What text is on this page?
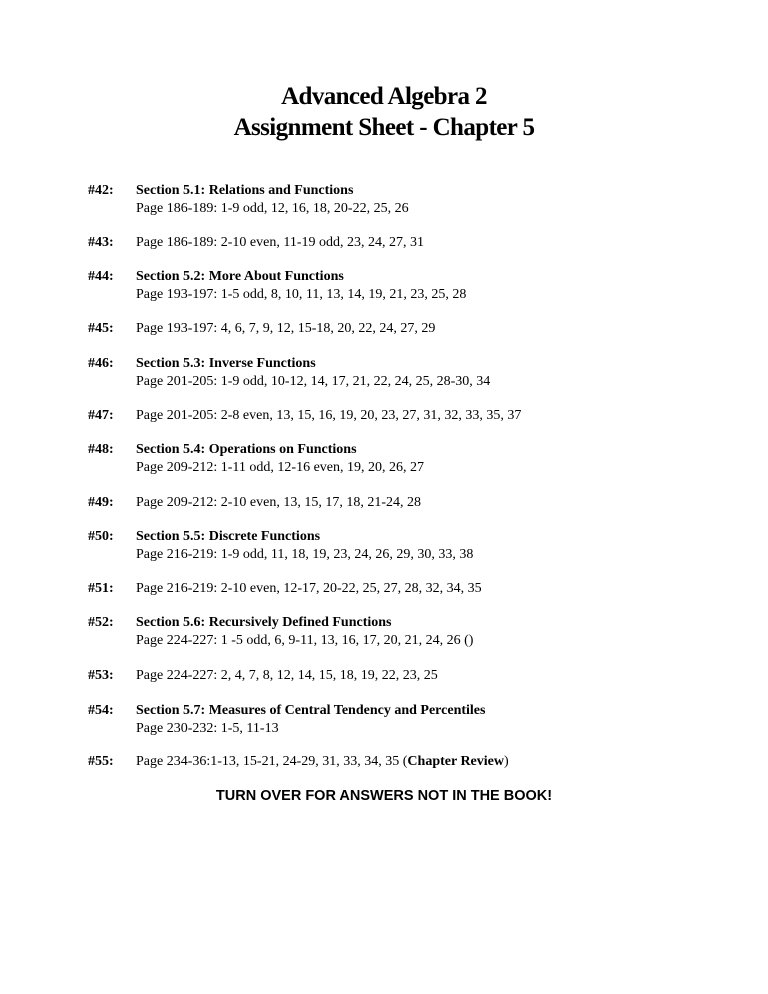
Advanced Algebra 2
Assignment Sheet - Chapter 5
#42: Section 5.1: Relations and Functions
Page 186-189: 1-9 odd, 12, 16, 18, 20-22, 25, 26
#43: Page 186-189: 2-10 even, 11-19 odd, 23, 24, 27, 31
#44: Section 5.2: More About Functions
Page 193-197: 1-5 odd, 8, 10, 11, 13, 14, 19, 21, 23, 25, 28
#45: Page 193-197: 4, 6, 7, 9, 12, 15-18, 20, 22, 24, 27, 29
#46: Section 5.3: Inverse Functions
Page 201-205: 1-9 odd, 10-12, 14, 17, 21, 22, 24, 25, 28-30, 34
#47: Page 201-205: 2-8 even, 13, 15, 16, 19, 20, 23, 27, 31, 32, 33, 35, 37
#48: Section 5.4: Operations on Functions
Page 209-212: 1-11 odd, 12-16 even, 19, 20, 26, 27
#49: Page 209-212: 2-10 even, 13, 15, 17, 18, 21-24, 28
#50: Section 5.5: Discrete Functions
Page 216-219: 1-9 odd, 11, 18, 19, 23, 24, 26, 29, 30, 33, 38
#51: Page 216-219: 2-10 even, 12-17, 20-22, 25, 27, 28, 32, 34, 35
#52: Section 5.6: Recursively Defined Functions
Page 224-227: 1 -5 odd, 6, 9-11, 13, 16, 17, 20, 21, 24, 26 ()
#53: Page 224-227: 2, 4, 7, 8, 12, 14, 15, 18, 19, 22, 23, 25
#54: Section 5.7: Measures of Central Tendency and Percentiles
Page 230-232: 1-5, 11-13
#55: Page 234-36:1-13, 15-21, 24-29, 31, 33, 34, 35 (Chapter Review)
TURN OVER FOR ANSWERS NOT IN THE BOOK!
